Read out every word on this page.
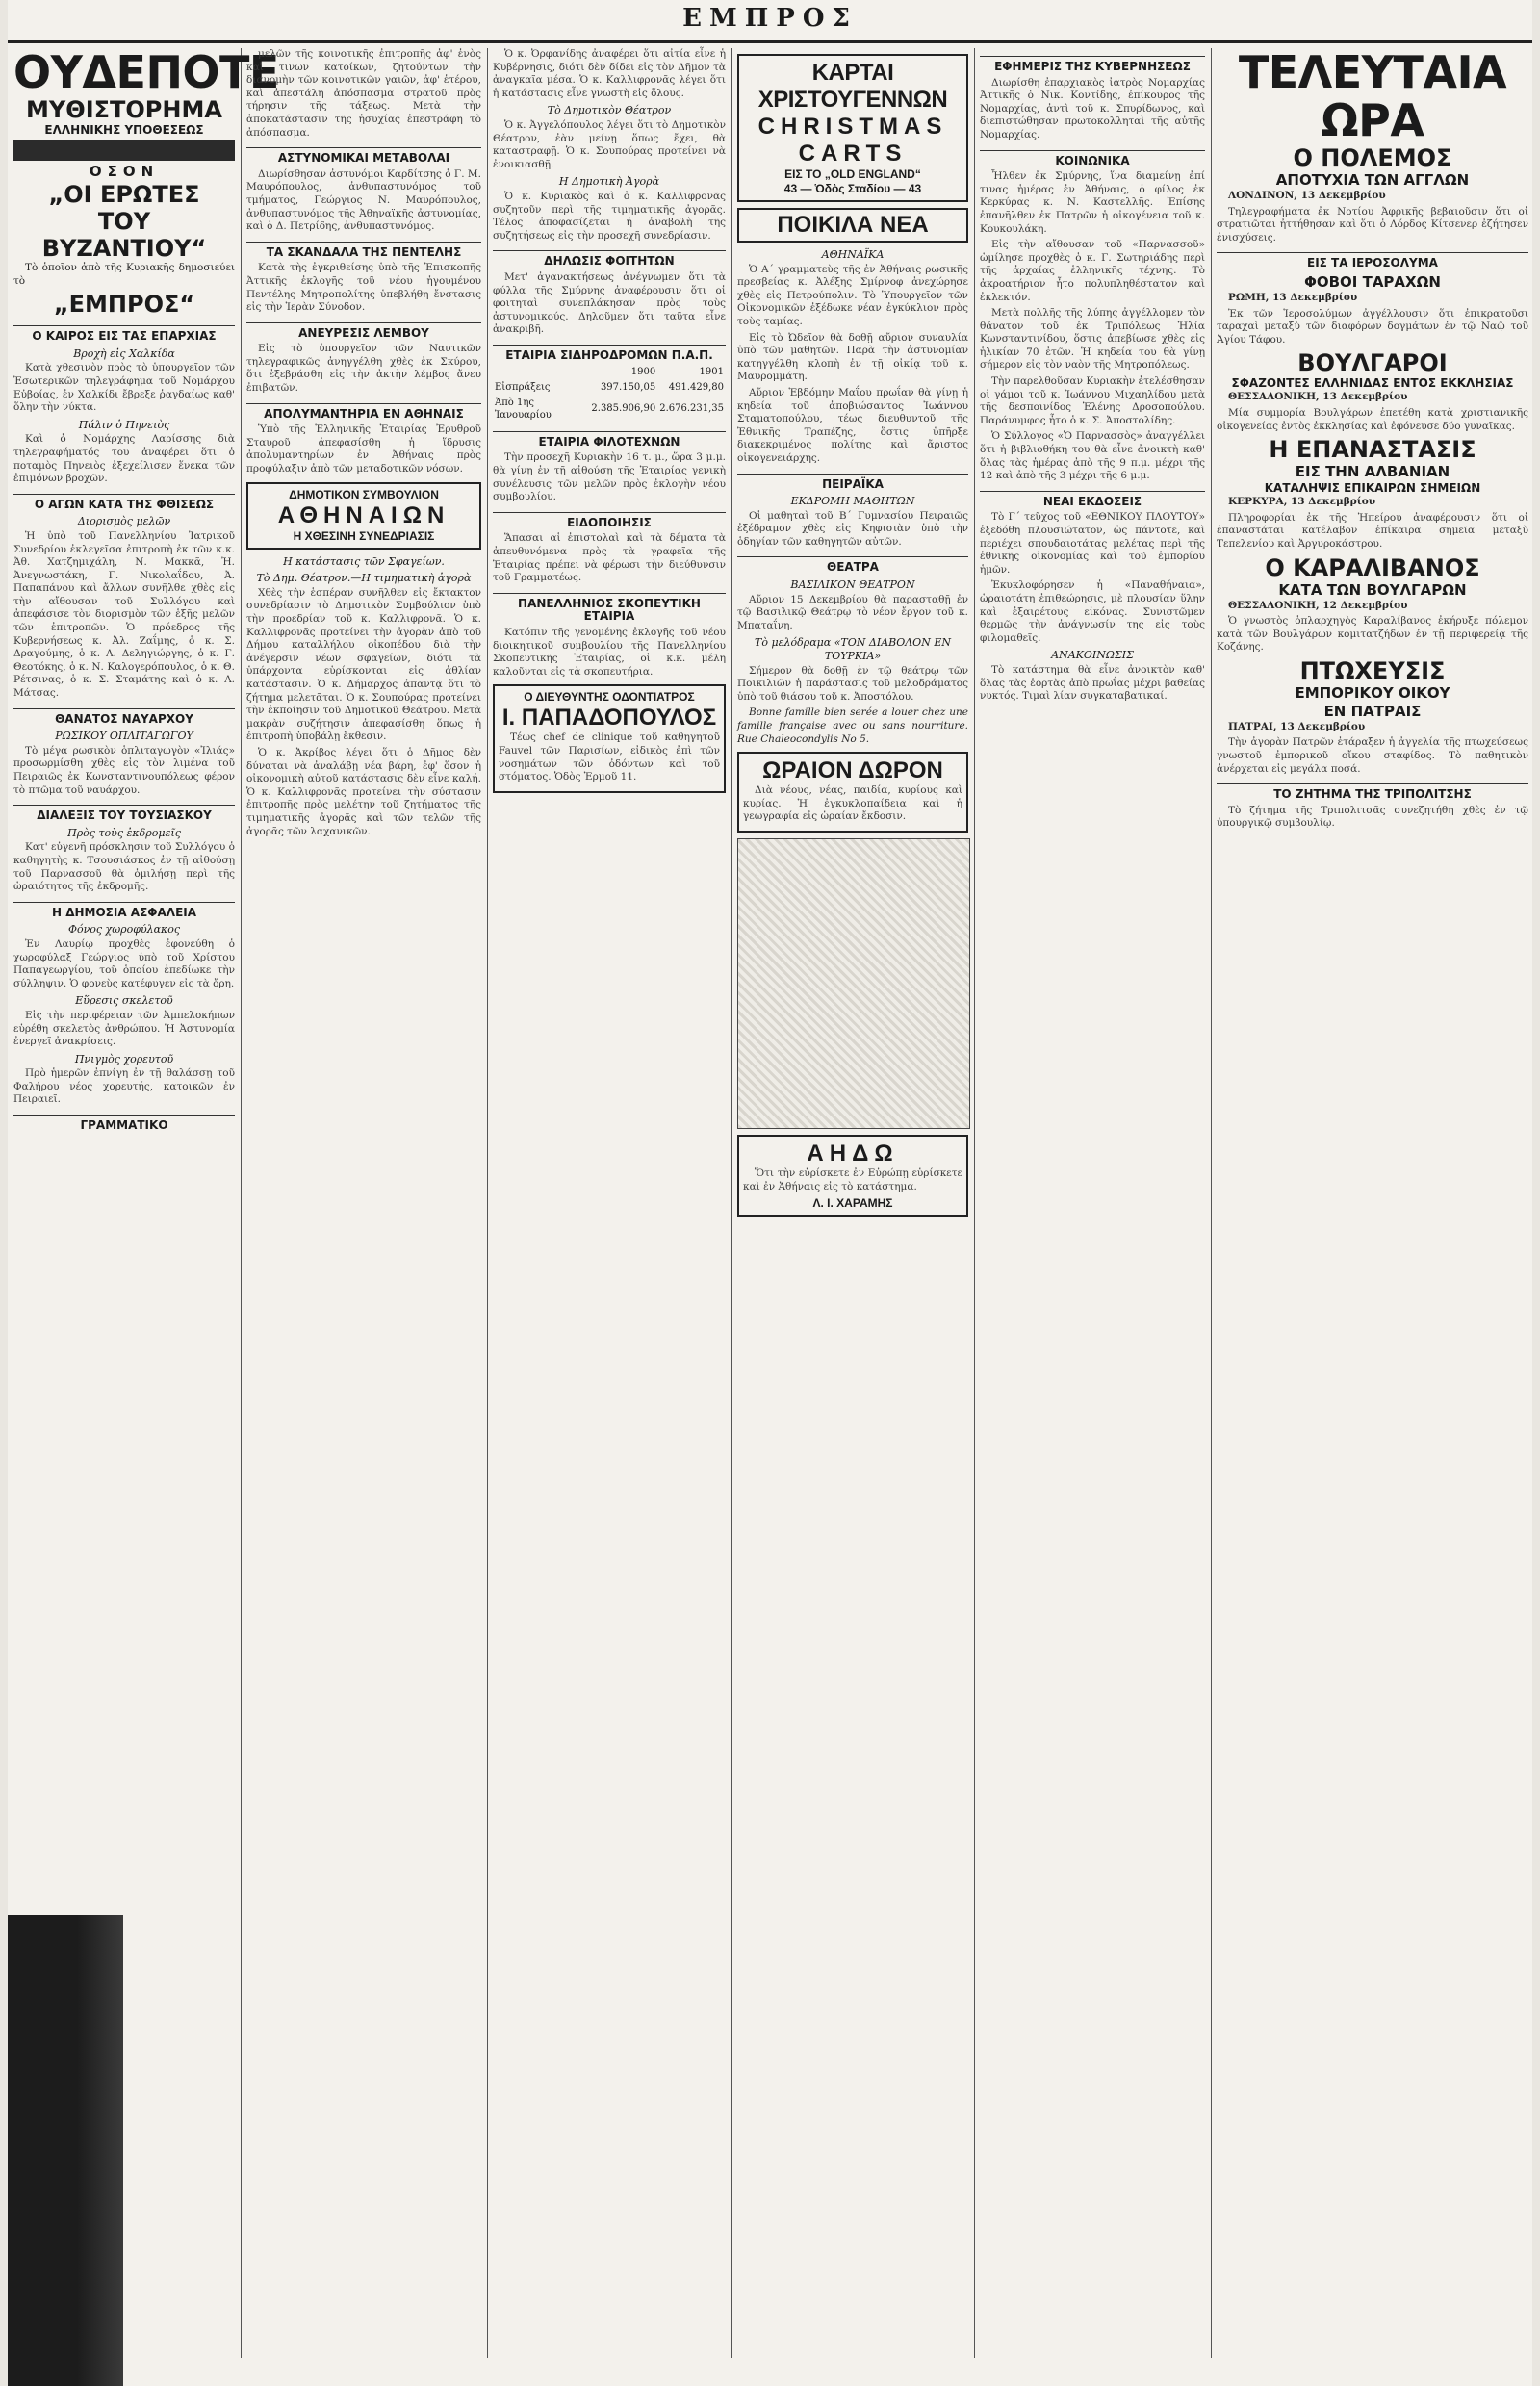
ΕΜΠΡΟΣ
ΟΥΔΕΠΟΤΕ
ΜΥΘΙΣΤΟΡΗΜΑ
ΕΛΛΗΝΙΚΗΣ ΥΠΟΘΕΣΕΩΣ
ΟΣΟΝ
„ΟΙ ΕΡΩΤΕΣ
ΤΟΥ ΒΥΖΑΝΤΙΟΥ“
Τὸ ὁποῖον ἀπὸ τῆς Κυριακῆς δημοσιεύει τὸ
„ΕΜΠΡΟΣ“
Ο ΚΑΙΡΟΣ ΕΙΣ ΤΑΣ ΕΠΑΡΧΙΑΣ
Βροχὴ εἰς Χαλκίδα
Κατὰ χθεσινὸν πρὸς τὸ ὑπουργεῖον τῶν Ἐσωτερικῶν τηλεγράφημα τοῦ Νομάρχου Εὐβοίας, ἐν Χαλκίδι ἔβρεξε ῥαγδαίως καθ' ὅλην τὴν νύκτα.
Πάλιν ὁ Πηνειὸς
Καὶ ὁ Νομάρχης Λαρίσσης διὰ τηλεγραφήματός του ἀναφέρει ὅτι ὁ ποταμὸς Πηνειὸς ἐξεχείλισεν ἕνεκα τῶν ἐπιμόνων βροχῶν.
Ο ΑΓΩΝ ΚΑΤΑ ΤΗΣ ΦΘΙΣΕΩΣ
Διορισμὸς μελῶν
Ἡ ὑπὸ τοῦ Πανελληνίου Ἰατρικοῦ Συνεδρίου ἐκλεγεῖσα ἐπιτροπὴ ἐκ τῶν κ.κ. Ἀθ. Χατζημιχάλη, Ν. Μακκᾶ, Ἠ. Ἀνεγνωστάκη, Γ. Νικολαΐδου, Ἀ. Παπαπάνου καὶ ἄλλων συνῆλθε χθὲς εἰς τὴν αἴθουσαν τοῦ Συλλόγου καὶ ἀπεφάσισε τὸν διορισμὸν τῶν ἑξῆς μελῶν τῶν ἐπιτροπῶν. Ὁ πρόεδρος τῆς Κυβερνήσεως κ. Ἀλ. Ζαΐμης, ὁ κ. Σ. Δραγούμης, ὁ κ. Λ. Δεληγιώργης, ὁ κ. Γ. Θεοτόκης, ὁ κ. Ν. Καλογερόπουλος, ὁ κ. Θ. Ρέτσινας, ὁ κ. Σ. Σταμάτης καὶ ὁ κ. Α. Μάτσας.
ΘΑΝΑΤΟΣ ΝΑΥΑΡΧΟΥ
ΡΩΣΙΚΟΥ ΟΠΛΙΤΑΓΩΓΟΥ
Τὸ μέγα ρωσικὸν ὁπλιταγωγὸν «Ἰλιάς» προσωρμίσθη χθὲς εἰς τὸν λιμένα τοῦ Πειραιῶς ἐκ Κωνσταντινουπόλεως φέρον τὸ πτῶμα τοῦ ναυάρχου.
ΔΙΑΛΕΞΙΣ ΤΟΥ ΤΟΥΣΙΑΣΚΟΥ
Πρὸς τοὺς ἐκδρομεῖς
Κατ' εὐγενῆ πρόσκλησιν τοῦ Συλλόγου ὁ καθηγητὴς κ. Τσουσιάσκος ἐν τῇ αἰθούσῃ τοῦ Παρνασσοῦ θὰ ὁμιλήσῃ περὶ τῆς ὡραιότητος τῆς ἐκδρομῆς.
Η ΔΗΜΟΣΙΑ ΑΣΦΑΛΕΙΑ
Φόνος χωροφύλακος
Ἐν Λαυρίῳ προχθὲς ἐφονεύθη ὁ χωροφύλαξ Γεώργιος ὑπὸ τοῦ Χρίστου Παπαγεωργίου, τοῦ ὁποίου ἐπεδίωκε τὴν σύλληψιν. Ὁ φονεὺς κατέφυγεν εἰς τὰ ὄρη.
Εὕρεσις σκελετοῦ
Εἰς τὴν περιφέρειαν τῶν Ἀμπελοκήπων εὑρέθη σκελετὸς ἀνθρώπου. Ἡ Ἀστυνομία ἐνεργεῖ ἀνακρίσεις.
Πνιγμὸς χορευτοῦ
Πρὸ ἡμερῶν ἐπνίγη ἐν τῇ θαλάσσῃ τοῦ Φαλήρου νέος χορευτής, κατοικῶν ἐν Πειραιεῖ.
ΓΡΑΜΜΑΤΙΚΟ
μελῶν τῆς κοινοτικῆς ἐπιτροπῆς ἀφ' ἑνὸς καὶ τινων κατοίκων, ζητούντων τὴν διανομὴν τῶν κοινοτικῶν γαιῶν, ἀφ' ἑτέρου, καὶ ἀπεστάλη ἀπόσπασμα στρατοῦ πρὸς τήρησιν τῆς τάξεως. Μετὰ τὴν ἀποκατάστασιν τῆς ἡσυχίας ἐπεστράφη τὸ ἀπόσπασμα.
ΑΣΤΥΝΟΜΙΚΑΙ ΜΕΤΑΒΟΛΑΙ
Διωρίσθησαν ἀστυνόμοι Καρδίτσης ὁ Γ. Μ. Μαυρόπουλος, ἀνθυπαστυνόμος τοῦ τμήματος, Γεώργιος Ν. Μαυρόπουλος, ἀνθυπαστυνόμος τῆς Ἀθηναϊκῆς ἀστυνομίας, καὶ ὁ Δ. Πετρίδης, ἀνθυπαστυνόμος.
ΤΑ ΣΚΑΝΔΑΛΑ ΤΗΣ ΠΕΝΤΕΛΗΣ
Κατὰ τὴς ἐγκριθείσης ὑπὸ τῆς Ἐπισκοπῆς Ἀττικῆς ἐκλογῆς τοῦ νέου ἡγουμένου Πεντέλης Μητροπολίτης ὑπεβλήθη ἔνστασις εἰς τὴν Ἱερὰν Σύνοδον.
ΑΝΕΥΡΕΣΙΣ ΛΕΜΒΟΥ
Εἰς τὸ ὑπουργεῖον τῶν Ναυτικῶν τηλεγραφικῶς ἀνηγγέλθη χθὲς ἐκ Σκύρου, ὅτι ἐξεβράσθη εἰς τὴν ἀκτὴν λέμβος ἄνευ ἐπιβατῶν.
ΑΠΟΛΥΜΑΝΤΗΡΙΑ ΕΝ ΑΘΗΝΑΙΣ
Ὑπὸ τῆς Ἑλληνικῆς Ἑταιρίας Ἐρυθροῦ Σταυροῦ ἀπεφασίσθη ἡ ἵδρυσις ἀπολυμαντηρίων ἐν Ἀθήναις πρὸς προφύλαξιν ἀπὸ τῶν μεταδοτικῶν νόσων.
ΔΗΜΟΤΙΚΟΝ ΣΥΜΒΟΥΛΙΟΝ
ΑΘΗΝΑΙΩΝ
Η ΧΘΕΣΙΝΗ ΣΥΝΕΔΡΙΑΣΙΣ
Η κατάστασις τῶν Σφαγείων.
Τὸ Δημ. Θέατρον.—Η τιμηματικὴ ἀγορὰ
Χθὲς τὴν ἑσπέραν συνῆλθεν εἰς ἔκτακτον συνεδρίασιν τὸ Δημοτικὸν Συμβούλιον ὑπὸ τὴν προεδρίαν τοῦ κ. Καλλιφρονᾶ. Ὁ κ. Καλλιφρονᾶς προτείνει τὴν ἀγορὰν ἀπὸ τοῦ Δήμου καταλλήλου οἰκοπέδου διὰ τὴν ἀνέγερσιν νέων σφαγείων, διότι τὰ ὑπάρχοντα εὑρίσκονται εἰς ἀθλίαν κατάστασιν. Ὁ κ. Δήμαρχος ἀπαντᾷ ὅτι τὸ ζήτημα μελετᾶται. Ὁ κ. Σουπούρας προτείνει τὴν ἐκποίησιν τοῦ Δημοτικοῦ Θεάτρου. Μετὰ μακρὰν συζήτησιν ἀπεφασίσθη ὅπως ἡ ἐπιτροπὴ ὑποβάλῃ ἔκθεσιν.
Ὁ κ. Ἀκρίβος λέγει ὅτι ὁ Δῆμος δὲν δύναται νὰ ἀναλάβῃ νέα βάρη, ἐφ' ὅσον ἡ οἰκονομικὴ αὐτοῦ κατάστασις δὲν εἶνε καλή. Ὁ κ. Καλλιφρονᾶς προτείνει τὴν σύστασιν ἐπιτροπῆς πρὸς μελέτην τοῦ ζητήματος τῆς τιμηματικῆς ἀγορᾶς καὶ τῶν τελῶν τῆς ἀγορᾶς τῶν λαχανικῶν.
Ὁ κ. Ὀρφανίδης ἀναφέρει ὅτι αἰτία εἶνε ἡ Κυβέρνησις, διότι δὲν δίδει εἰς τὸν Δῆμον τὰ ἀναγκαῖα μέσα. Ὁ κ. Καλλιφρονᾶς λέγει ὅτι ἡ κατάστασις εἶνε γνωστὴ εἰς ὅλους.
Τὸ Δημοτικὸν Θέατρον
Ὁ κ. Ἀγγελόπουλος λέγει ὅτι τὸ Δημοτικὸν Θέατρον, ἐὰν μείνῃ ὅπως ἔχει, θὰ καταστραφῇ. Ὁ κ. Σουπούρας προτείνει νὰ ἐνοικιασθῇ.
Η Δημοτικὴ Ἀγορὰ
Ὁ κ. Κυριακὸς καὶ ὁ κ. Καλλιφρονᾶς συζητοῦν περὶ τῆς τιμηματικῆς ἀγορᾶς. Τέλος ἀποφασίζεται ἡ ἀναβολὴ τῆς συζητήσεως εἰς τὴν προσεχῆ συνεδρίασιν.
ΔΗΛΩΣΙΣ ΦΟΙΤΗΤΩΝ
Μετ' ἀγανακτήσεως ἀνέγνωμεν ὅτι τὰ φύλλα τῆς Σμύρνης ἀναφέρουσιν ὅτι οἱ φοιτηταὶ συνεπλάκησαν πρὸς τοὺς ἀστυνομικούς. Δηλοῦμεν ὅτι ταῦτα εἶνε ἀνακριβῆ.
ΕΤΑΙΡΙΑ ΣΙΔΗΡΟΔΡΟΜΩΝ Π.Α.Π.
	1900	1901
Εἰσπράξεις	397.150,05	491.429,80
Ἀπὸ 1ης Ἰανουαρίου	2.385.906,90	2.676.231,35
ΕΤΑΙΡΙΑ ΦΙΛΟΤΕΧΝΩΝ
Τὴν προσεχῆ Κυριακὴν 16 τ. μ., ὥρα 3 μ.μ. θὰ γίνῃ ἐν τῇ αἰθούσῃ τῆς Ἑταιρίας γενικὴ συνέλευσις τῶν μελῶν πρὸς ἐκλογὴν νέου συμβουλίου.
ΕΙΔΟΠΟΙΗΣΙΣ
Ἅπασαι αἱ ἐπιστολαὶ καὶ τὰ δέματα τὰ ἀπευθυνόμενα πρὸς τὰ γραφεῖα τῆς Ἑταιρίας πρέπει νὰ φέρωσι τὴν διεύθυνσιν τοῦ Γραμματέως.
ΠΑΝΕΛΛΗΝΙΟΣ ΣΚΟΠΕΥΤΙΚΗ ΕΤΑΙΡΙΑ
Κατόπιν τῆς γενομένης ἐκλογῆς τοῦ νέου διοικητικοῦ συμβουλίου τῆς Πανελληνίου Σκοπευτικῆς Ἑταιρίας, οἱ κ.κ. μέλη καλοῦνται εἰς τὰ σκοπευτήρια.
Ο ΔΙΕΥΘΥΝΤΗΣ ΟΔΟΝΤΙΑΤΡΟΣ
Ι. ΠΑΠΑΔΟΠΟΥΛΟΣ
Τέως chef de clinique τοῦ καθηγητοῦ Fauvel τῶν Παρισίων, εἰδικὸς ἐπὶ τῶν νοσημάτων τῶν ὀδόντων καὶ τοῦ στόματος. Ὁδὸς Ἑρμοῦ 11.
ΚΑΡΤΑΙ ΧΡΙΣΤΟΥΓΕΝΝΩΝ
CHRISTMAS CARTS
ΕΙΣ ΤΟ „OLD ENGLAND“
43 — Ὁδὸς Σταδίου — 43
ΠΟΙΚΙΛΑ ΝΕΑ
ΑΘΗΝΑΪΚΑ
Ὁ Α΄ γραμματεὺς τῆς ἐν Ἀθήναις ρωσικῆς πρεσβείας κ. Ἀλέξης Σμίρνοφ ἀνεχώρησε χθὲς εἰς Πετρούπολιν. Τὸ Ὑπουργεῖον τῶν Οἰκονομικῶν ἐξέδωκε νέαν ἐγκύκλιον πρὸς τοὺς ταμίας.
Εἰς τὸ Ὠδεῖον θὰ δοθῇ αὔριον συναυλία ὑπὸ τῶν μαθητῶν. Παρὰ τὴν ἀστυνομίαν κατηγγέλθη κλοπὴ ἐν τῇ οἰκίᾳ τοῦ κ. Μαυρομμάτη.
Αὔριον Ἑβδόμην Μαΐου πρωΐαν θὰ γίνῃ ἡ κηδεία τοῦ ἀποβιώσαντος Ἰωάννου Σταματοπούλου, τέως διευθυντοῦ τῆς Ἐθνικῆς Τραπέζης, ὅστις ὑπῆρξε διακεκριμένος πολίτης καὶ ἄριστος οἰκογενειάρχης.
ΠΕΙΡΑΪΚΑ
ΕΚΔΡΟΜΗ ΜΑΘΗΤΩΝ
Οἱ μαθηταὶ τοῦ Β΄ Γυμνασίου Πειραιῶς ἐξέδραμον χθὲς εἰς Κηφισιὰν ὑπὸ τὴν ὁδηγίαν τῶν καθηγητῶν αὐτῶν.
ΘΕΑΤΡΑ
ΒΑΣΙΛΙΚΟΝ ΘΕΑΤΡΟΝ
Αὔριον 15 Δεκεμβρίου θὰ παρασταθῇ ἐν τῷ Βασιλικῷ Θεάτρῳ τὸ νέον ἔργον τοῦ κ. Μπαταΐνη.
Τὸ μελόδραμα «ΤΟΝ ΔΙΑΒΟΛΟΝ ΕΝ ΤΟΥΡΚΙΑ»
Σήμερον θὰ δοθῇ ἐν τῷ θεάτρῳ τῶν Ποικιλιῶν ἡ παράστασις τοῦ μελοδράματος ὑπὸ τοῦ θιάσου τοῦ κ. Ἀποστόλου.
Bonne famille bien serée a louer chez une famille française avec ou sans nourriture. Rue Chaleocondylis No 5.
ΩΡΑΙΟΝ ΔΩΡΟΝ
Διὰ νέους, νέας, παιδία, κυρίους καὶ κυρίας. Ἡ ἐγκυκλοπαίδεια καὶ ἡ γεωγραφία εἰς ὡραίαν ἔκδοσιν.
ΑΗΔΩ
Ὅτι τὴν εὐρίσκετε ἐν Εὐρώπῃ εὑρίσκετε καὶ ἐν Ἀθήναις εἰς τὸ κατάστημα.
Λ. Ι. ΧΑΡΑΜΗΣ
ΕΦΗΜΕΡΙΣ ΤΗΣ ΚΥΒΕΡΝΗΣΕΩΣ
Διωρίσθη ἐπαρχιακὸς ἰατρὸς Νομαρχίας Ἀττικῆς ὁ Νικ. Κοντίδης, ἐπίκουρος τῆς Νομαρχίας, ἀντὶ τοῦ κ. Σπυρίδωνος, καὶ διεπιστώθησαν πρωτοκολληταὶ τῆς αὐτῆς Νομαρχίας.
ΚΟΙΝΩΝΙΚΑ
Ἦλθεν ἐκ Σμύρνης, ἵνα διαμείνῃ ἐπί τινας ἡμέρας ἐν Ἀθήναις, ὁ φίλος ἐκ Κερκύρας κ. Ν. Καστελλῆς. Ἐπίσης ἐπανῆλθεν ἐκ Πατρῶν ἡ οἰκογένεια τοῦ κ. Κουκουλάκη.
Εἰς τὴν αἴθουσαν τοῦ «Παρνασσοῦ» ὡμίλησε προχθὲς ὁ κ. Γ. Σωτηριάδης περὶ τῆς ἀρχαίας ἑλληνικῆς τέχνης. Τὸ ἀκροατήριον ἦτο πολυπληθέστατον καὶ ἐκλεκτόν.
Μετὰ πολλῆς τῆς λύπης ἀγγέλλομεν τὸν θάνατον τοῦ ἐκ Τριπόλεως Ἠλία Κωνσταντινίδου, ὅστις ἀπεβίωσε χθὲς εἰς ἡλικίαν 70 ἐτῶν. Ἡ κηδεία του θὰ γίνῃ σήμερον εἰς τὸν ναὸν τῆς Μητροπόλεως.
Τὴν παρελθοῦσαν Κυριακὴν ἐτελέσθησαν οἱ γάμοι τοῦ κ. Ἰωάννου Μιχαηλίδου μετὰ τῆς δεσποινίδος Ἑλένης Δροσοπούλου. Παράνυμφος ἦτο ὁ κ. Σ. Ἀποστολίδης.
Ὁ Σύλλογος «Ὁ Παρνασσὸς» ἀναγγέλλει ὅτι ἡ βιβλιοθήκη του θὰ εἶνε ἀνοικτὴ καθ' ὅλας τὰς ἡμέρας ἀπὸ τῆς 9 π.μ. μέχρι τῆς 12 καὶ ἀπὸ τῆς 3 μέχρι τῆς 6 μ.μ.
ΝΕΑΙ ΕΚΔΟΣΕΙΣ
Τὸ Γ΄ τεῦχος τοῦ «ΕΘΝΙΚΟΥ ΠΛΟΥΤΟΥ» ἐξεδόθη πλουσιώτατον, ὡς πάντοτε, καὶ περιέχει σπουδαιοτάτας μελέτας περὶ τῆς ἐθνικῆς οἰκονομίας καὶ τοῦ ἐμπορίου ἡμῶν.
Ἐκυκλοφόρησεν ἡ «Παναθήναια», ὡραιοτάτη ἐπιθεώρησις, μὲ πλουσίαν ὕλην καὶ ἐξαιρέτους εἰκόνας. Συνιστῶμεν θερμῶς τὴν ἀνάγνωσίν της εἰς τοὺς φιλομαθεῖς.
ΑΝΑΚΟΙΝΩΣΙΣ
Τὸ κατάστημα θὰ εἶνε ἀνοικτὸν καθ' ὅλας τὰς ἑορτὰς ἀπὸ πρωΐας μέχρι βαθείας νυκτός. Τιμαὶ λίαν συγκαταβατικαί.
ΤΕΛΕΥΤΑΙΑ ΩΡΑ
Ο ΠΟΛΕΜΟΣ
ΑΠΟΤΥΧΙΑ ΤΩΝ ΑΓΓΛΩΝ
ΛΟΝΔΙΝΟΝ, 13 Δεκεμβρίου
Τηλεγραφήματα ἐκ Νοτίου Ἀφρικῆς βεβαιοῦσιν ὅτι οἱ στρατιῶται ἠττήθησαν καὶ ὅτι ὁ Λόρδος Κίτσενερ ἐζήτησεν ἐνισχύσεις.
ΕΙΣ ΤΑ ΙΕΡΟΣΟΛΥΜΑ
ΦΟΒΟΙ ΤΑΡΑΧΩΝ
ΡΩΜΗ, 13 Δεκεμβρίου
Ἐκ τῶν Ἱεροσολύμων ἀγγέλλουσιν ὅτι ἐπικρατοῦσι ταραχαὶ μεταξὺ τῶν διαφόρων δογμάτων ἐν τῷ Ναῷ τοῦ Ἁγίου Τάφου.
ΒΟΥΛΓΑΡΟΙ
ΣΦΑΖΟΝΤΕΣ ΕΛΛΗΝΙΔΑΣ ΕΝΤΟΣ ΕΚΚΛΗΣΙΑΣ
ΘΕΣΣΑΛΟΝΙΚΗ, 13 Δεκεμβρίου
Μία συμμορία Βουλγάρων ἐπετέθη κατὰ χριστιανικῆς οἰκογενείας ἐντὸς ἐκκλησίας καὶ ἐφόνευσε δύο γυναῖκας.
Η ΕΠΑΝΑΣΤΑΣΙΣ
ΕΙΣ ΤΗΝ ΑΛΒΑΝΙΑΝ
ΚΑΤΑΛΗΨΙΣ ΕΠΙΚΑΙΡΩΝ ΣΗΜΕΙΩΝ
ΚΕΡΚΥΡΑ, 13 Δεκεμβρίου
Πληροφορίαι ἐκ τῆς Ἠπείρου ἀναφέρουσιν ὅτι οἱ ἐπαναστάται κατέλαβον ἐπίκαιρα σημεῖα μεταξὺ Τεπελενίου καὶ Ἀργυροκάστρου.
Ο ΚΑΡΑΛΙΒΑΝΟΣ
ΚΑΤΑ ΤΩΝ ΒΟΥΛΓΑΡΩΝ
ΘΕΣΣΑΛΟΝΙΚΗ, 12 Δεκεμβρίου
Ὁ γνωστὸς ὁπλαρχηγὸς Καραλίβανος ἐκήρυξε πόλεμον κατὰ τῶν Βουλγάρων κομιτατζήδων ἐν τῇ περιφερείᾳ τῆς Κοζάνης.
ΠΤΩΧΕΥΣΙΣ
ΕΜΠΟΡΙΚΟΥ ΟΙΚΟΥ
ΕΝ ΠΑΤΡΑΙΣ
ΠΑΤΡΑΙ, 13 Δεκεμβρίου
Τὴν ἀγορὰν Πατρῶν ἐτάραξεν ἡ ἀγγελία τῆς πτωχεύσεως γνωστοῦ ἐμπορικοῦ οἴκου σταφίδος. Τὸ παθητικὸν ἀνέρχεται εἰς μεγάλα ποσά.
ΤΟ ΖΗΤΗΜΑ ΤΗΣ ΤΡΙΠΟΛΙΤΣΗΣ
Τὸ ζήτημα τῆς Τριπολιτσᾶς συνεζητήθη χθὲς ἐν τῷ ὑπουργικῷ συμβουλίῳ.
